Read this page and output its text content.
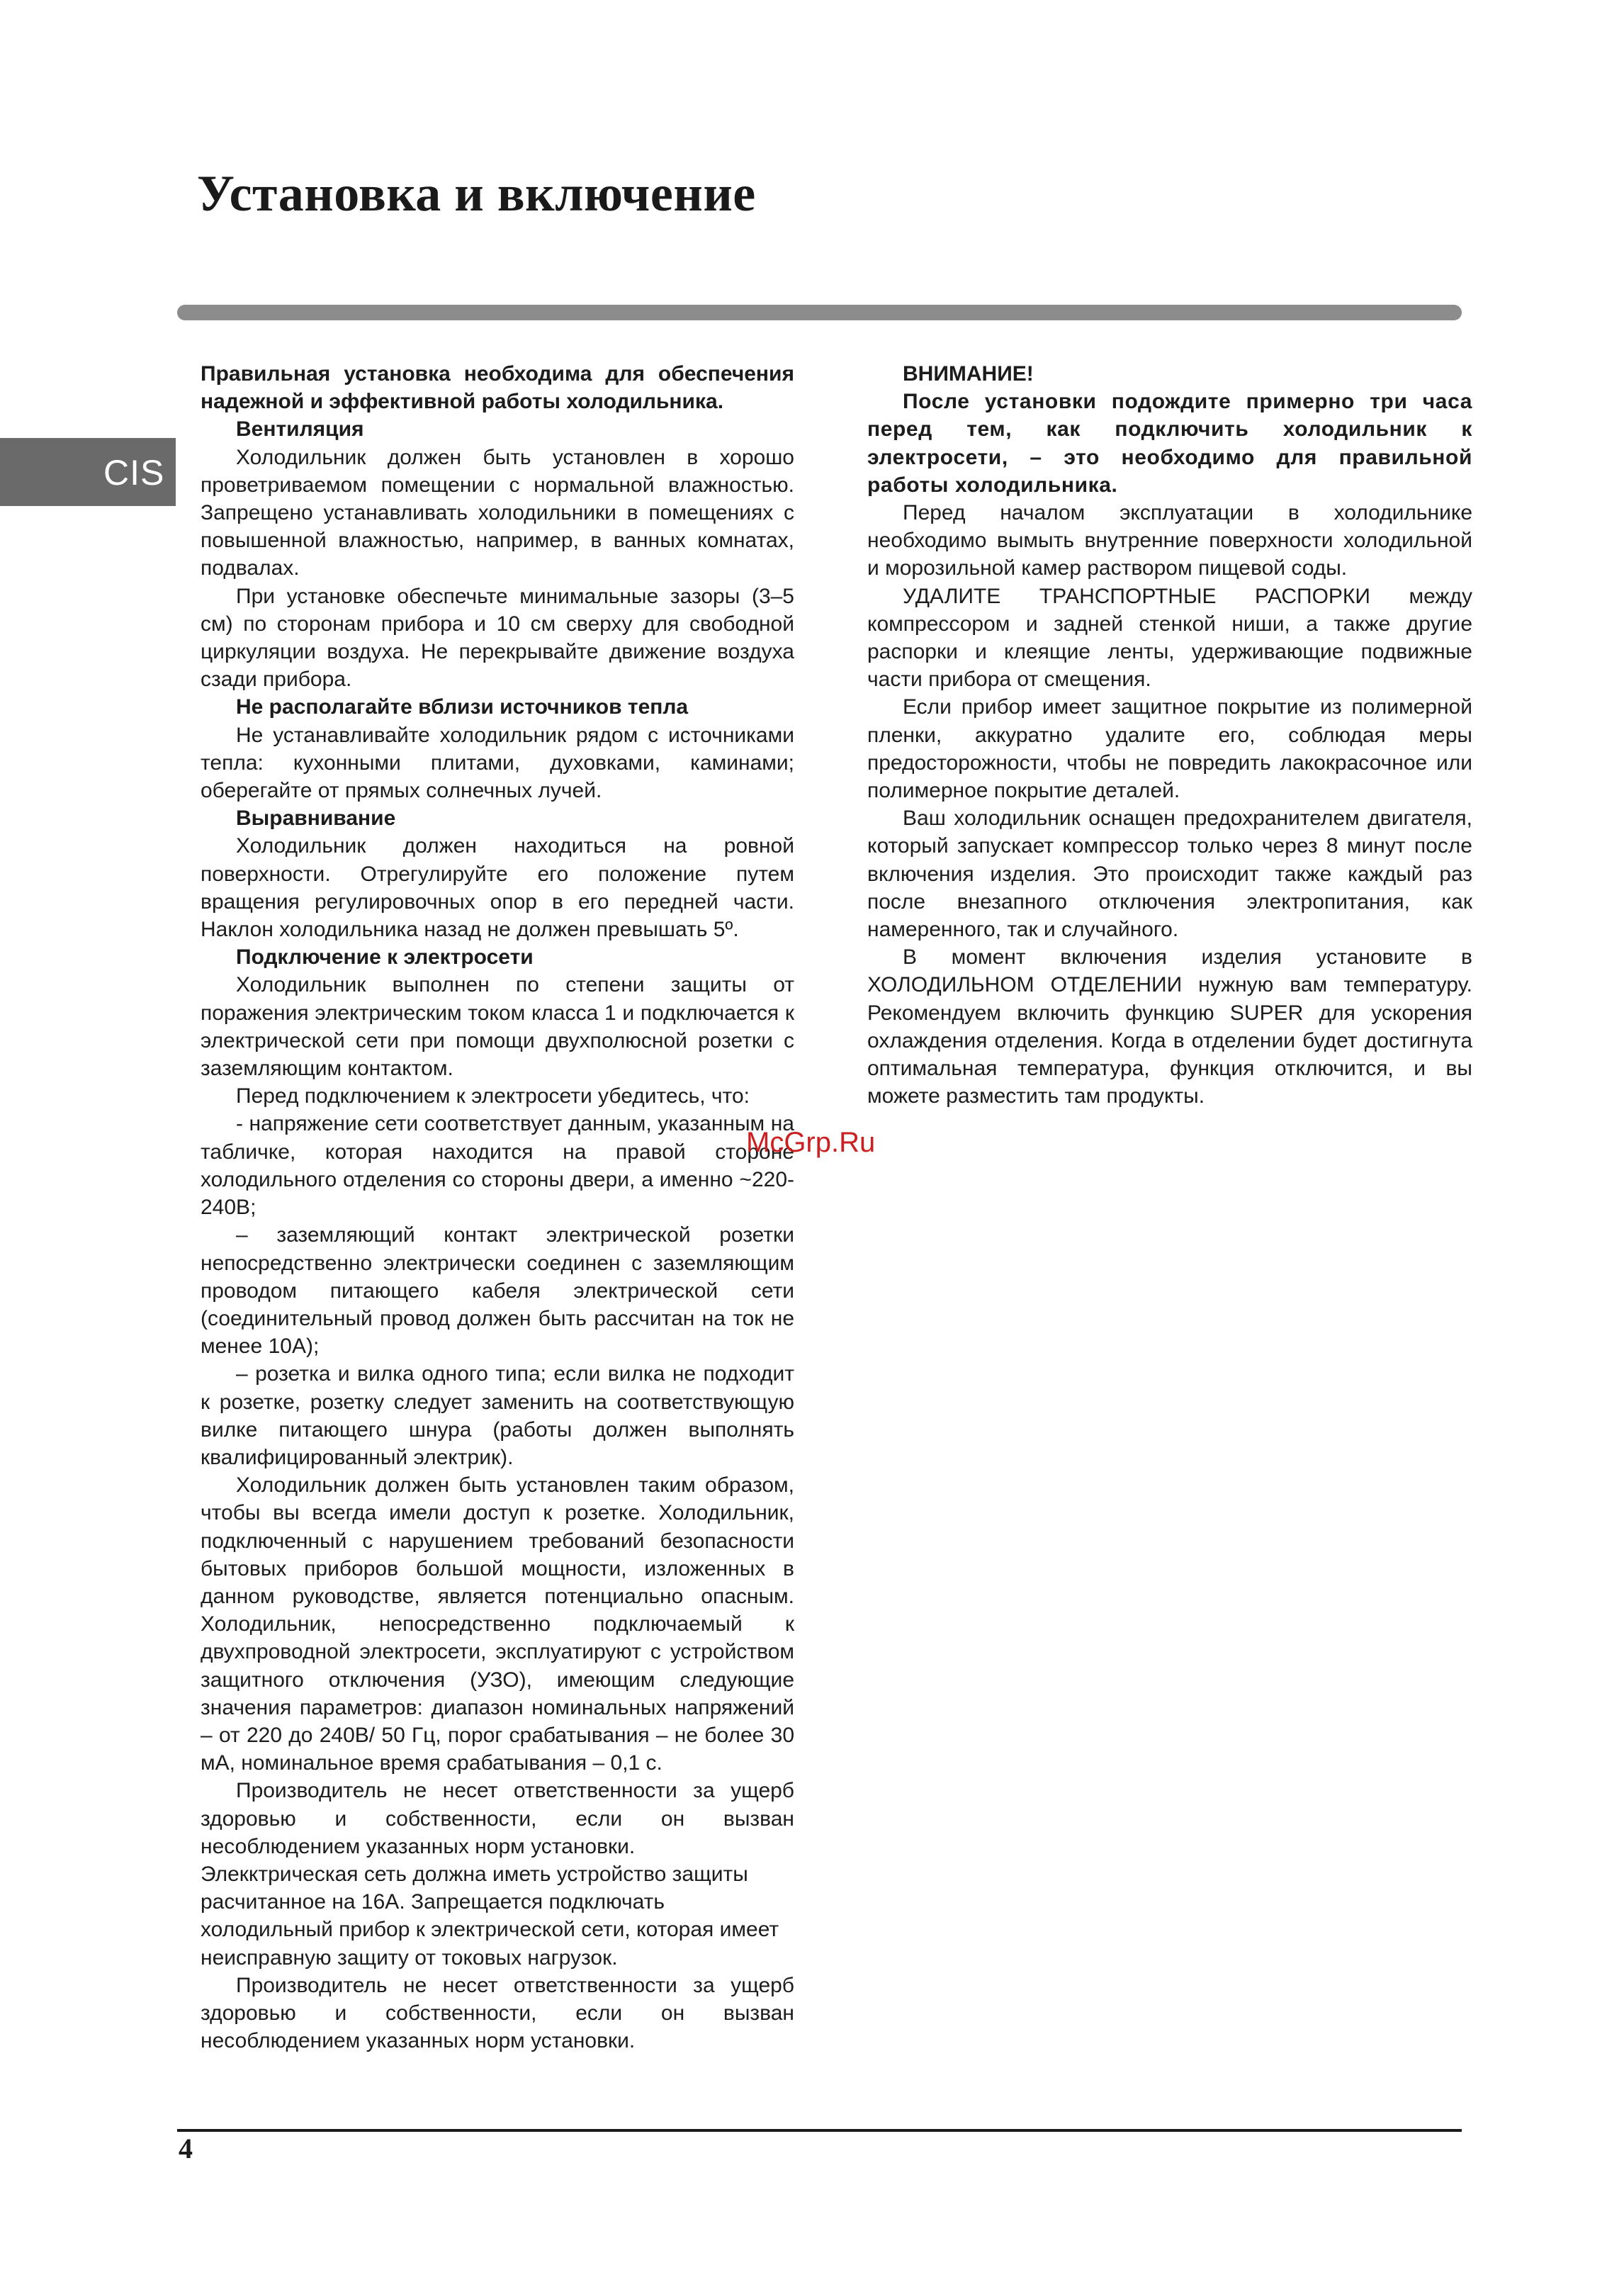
Установка и включение
CIS

Правильная установка необходима для обеспечения надежной и эффективной работы холодильника.

Вентиляция

Холодильник должен быть установлен в хорошо проветриваемом помещении с нормальной влажностью. Запрещено устанавливать холодильники в помещениях с повышенной влажностью, например, в ванных комнатах, подвалах.

При установке обеспечьте минимальные зазоры (3–5 см) по сторонам прибора и 10 см сверху для свободной циркуляции воздуха. Не перекрывайте движение воздуха сзади прибора.

Не располагайте вблизи источников тепла

Не устанавливайте холодильник рядом с источниками тепла: кухонными плитами, духовками, каминами; оберегайте от прямых солнечных лучей.

Выравнивание

Холодильник должен находиться на ровной поверхности. Отрегулируйте его положение путем вращения регулировочных опор в его передней части. Наклон холодильника назад не должен превышать 5º.

Подключение к электросети

Холодильник выполнен по степени защиты от поражения электрическим током класса 1 и подключается к электрической сети при помощи двухполюсной розетки с заземляющим контактом.

Перед подключением к электросети убедитесь, что:

- напряжение сети соответствует данным, указанным на табличке, которая находится на правой стороне холодильного отделения со стороны двери, а именно ~220-240В;

– заземляющий контакт электрической розетки непосредственно электрически соединен с заземляющим проводом питающего кабеля электрической сети (соединительный провод должен быть рассчитан на ток не менее 10А);

– розетка и вилка одного типа; если вилка не подходит к розетке, розетку следует заменить на соответствующую вилке питающего шнура (работы должен выполнять квалифицированный электрик).

Холодильник должен быть установлен таким образом, чтобы вы всегда имели доступ к розетке. Холодильник, подключенный с нарушением требований безопасности бытовых приборов большой мощности, изложенных в данном руководстве, является потенциально опасным. Холодильник, непосредственно подключаемый к двухпроводной электросети, эксплуатируют с устройством защитного отключения (УЗО), имеющим следующие значения параметров: диапазон номинальных напряжений – от 220 до 240В/ 50 Гц, порог срабатывания – не более 30 мА, номинальное время срабатывания – 0,1 с.

Производитель не несет ответственности за ущерб здоровью и собственности, если он вызван несоблюдением указанных норм установки.

Элекктрическая сеть должна иметь устройство защиты расчитанное на 16А. Запрещается подключать холодильный прибор к электрической сети, которая имеет неисправную защиту от токовых нагрузок.

Производитель не несет ответственности за ущерб здоровью и собственности, если он вызван несоблюдением указанных норм установки.

ВНИМАНИЕ!

После установки подождите примерно три часа перед тем, как подключить холодильник к электросети, – это необходимо для правильной работы холодильника.

Перед началом эксплуатации в холодильнике необходимо вымыть внутренние поверхности холодильной и морозильной камер раствором пищевой соды.

УДАЛИТЕ ТРАНСПОРТНЫЕ РАСПОРКИ между компрессором и задней стенкой ниши, а также другие распорки и клеящие ленты, удерживающие подвижные части прибора от смещения.

Если прибор имеет защитное покрытие из полимерной пленки, аккуратно удалите его, соблюдая меры предосторожности, чтобы не повредить лакокрасочное или полимерное покрытие деталей.

Ваш холодильник оснащен предохранителем двигателя, который запускает компрессор только через 8 минут после включения изделия. Это происходит также каждый раз после внезапного отключения электропитания, как намеренного, так и случайного.

В момент включения изделия установите в ХОЛОДИЛЬНОМ ОТДЕЛЕНИИ нужную вам температуру. Рекомендуем включить функцию SUPER для ускорения охлаждения отделения. Когда в отделении будет достигнута оптимальная температура, функция отключится, и вы можете разместить там продукты.

4
McGrp.Ru
